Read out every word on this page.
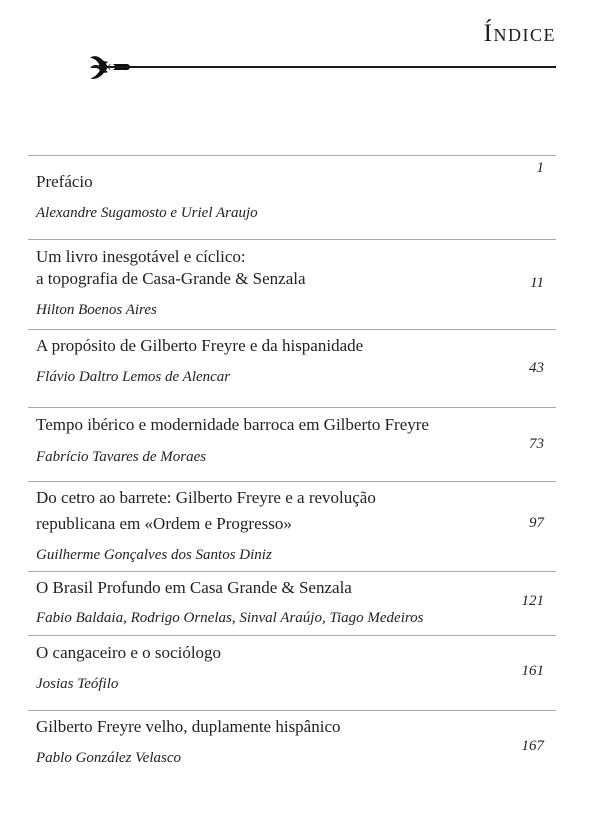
Índice
Prefácio
Alexandre Sugamosto e Uriel Araujo
1
Um livro inesgotável e cíclico:
a topografia de Casa-Grande & Senzala
Hilton Boenos Aires
11
A propósito de Gilberto Freyre e da hispanidade
Flávio Daltro Lemos de Alencar
43
Tempo ibérico e modernidade barroca em Gilberto Freyre
Fabrício Tavares de Moraes
73
Do cetro ao barrete: Gilberto Freyre e a revolução
republicana em «Ordem e Progresso»
Guilherme Gonçalves dos Santos Diniz
97
O Brasil Profundo em Casa Grande & Senzala
Fabio Baldaia, Rodrigo Ornelas, Sinval Araújo, Tiago Medeiros
121
O cangaceiro e o sociólogo
Josias Teófilo
161
Gilberto Freyre velho, duplamente hispânico
Pablo González Velasco
167
